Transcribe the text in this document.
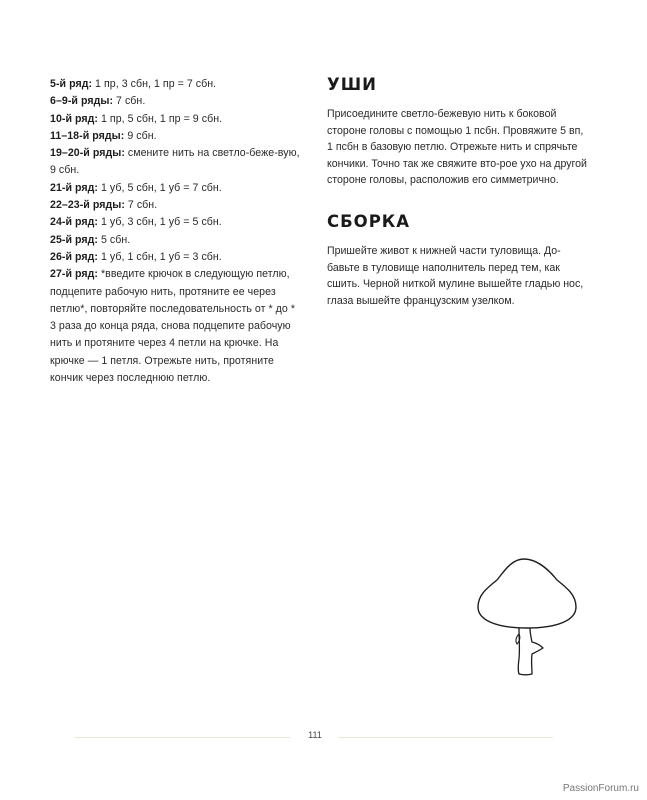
5-й ряд: 1 пр, 3 сбн, 1 пр = 7 сбн.

6–9-й ряды: 7 сбн.

10-й ряд: 1 пр, 5 сбн, 1 пр = 9 сбн.

11–18-й ряды: 9 сбн.

19–20-й ряды: смените нить на светло-беже-вую, 9 сбн.

21-й ряд: 1 уб, 5 сбн, 1 уб = 7 сбн.

22–23-й ряды: 7 сбн.

24-й ряд: 1 уб, 3 сбн, 1 уб = 5 сбн.

25-й ряд: 5 сбн.

26-й ряд: 1 уб, 1 сбн, 1 уб = 3 сбн.

27-й ряд: *введите крючок в следующую петлю, подцепите рабочую нить, протяните ее через петлю*, повторяйте последовательность от * до * 3 раза до конца ряда, снова подцепите рабочую нить и протяните через 4 петли на крючке. На крючке — 1 петля. Отрежьте нить, протяните кончик через последнюю петлю.

УШИ

Присоедините светло-бежевую нить к боковой стороне головы с помощью 1 псбн. Провяжите 5 вп, 1 псбн в базовую петлю. Отрежьте нить и спрячьте кончики. Точно так же свяжите вто-рое ухо на другой стороне головы, расположив его симметрично.

СБОРКА

Пришейте живот к нижней части туловища. До-бавьте в туловище наполнитель перед тем, как сшить. Черной ниткой мулине вышейте гладью нос, глаза вышейте французским узелком.

111
PassionForum.ru
